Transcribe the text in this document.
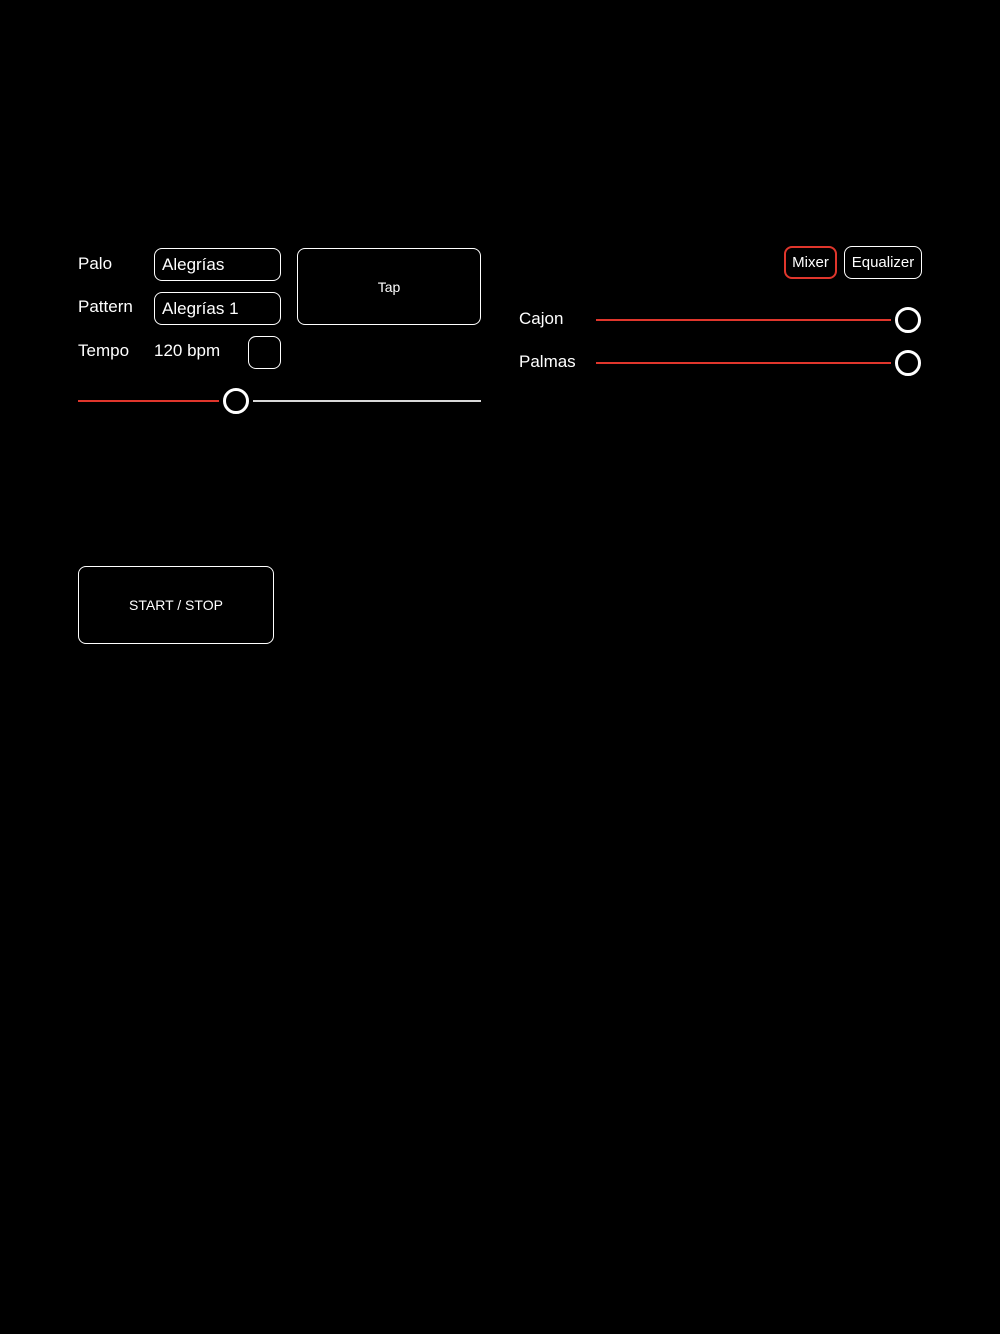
Palo	Alegrías
Pattern	Alegrías 1
Tempo 120 bpm
Tap
START / STOP
Mixer	Equalizer
Cajon
Palmas
